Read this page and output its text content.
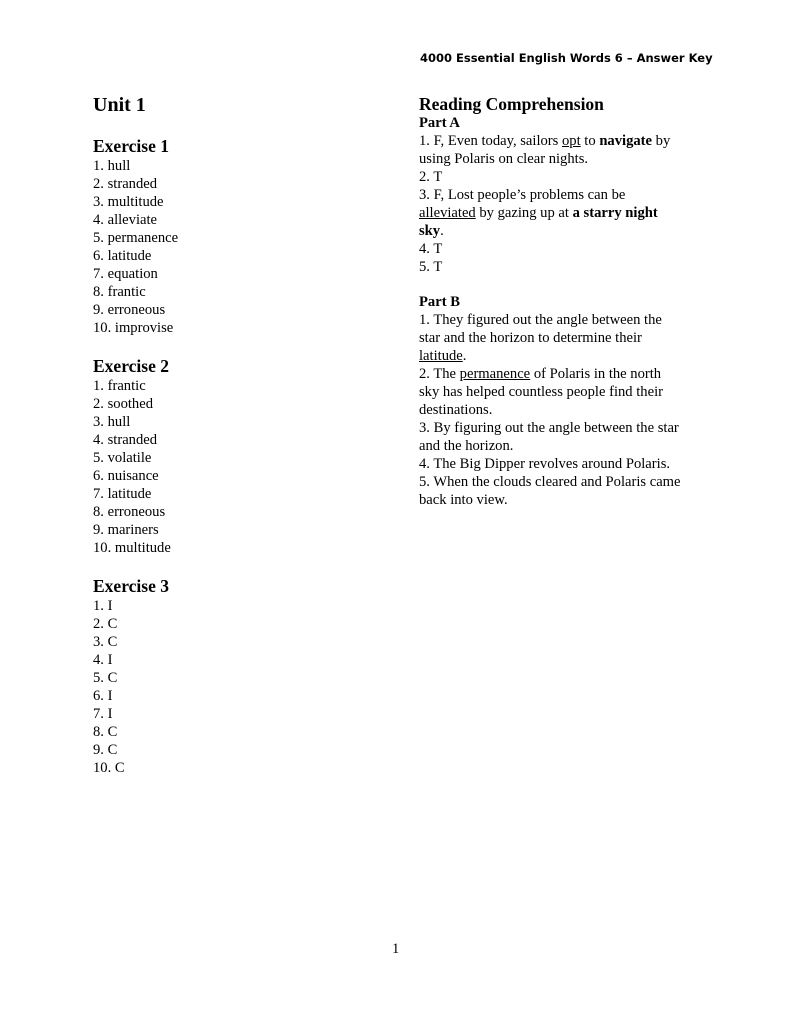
4000 Essential English Words 6 – Answer Key
Unit 1
Exercise 1
1. hull
2. stranded
3. multitude
4. alleviate
5. permanence
6. latitude
7. equation
8. frantic
9. erroneous
10. improvise
Exercise 2
1. frantic
2. soothed
3. hull
4. stranded
5. volatile
6. nuisance
7. latitude
8. erroneous
9. mariners
10. multitude
Exercise 3
1. I
2. C
3. C
4. I
5. C
6. I
7. I
8. C
9. C
10. C
Reading Comprehension
Part A
1. F, Even today, sailors opt to navigate by
using Polaris on clear nights.
2. T
3. F, Lost people’s problems can be
alleviated by gazing up at a starry night
sky.
4. T
5. T
Part B
1. They figured out the angle between the
star and the horizon to determine their
latitude.
2. The permanence of Polaris in the north
sky has helped countless people find their
destinations.
3. By figuring out the angle between the star
and the horizon.
4. The Big Dipper revolves around Polaris.
5. When the clouds cleared and Polaris came
back into view.
1
